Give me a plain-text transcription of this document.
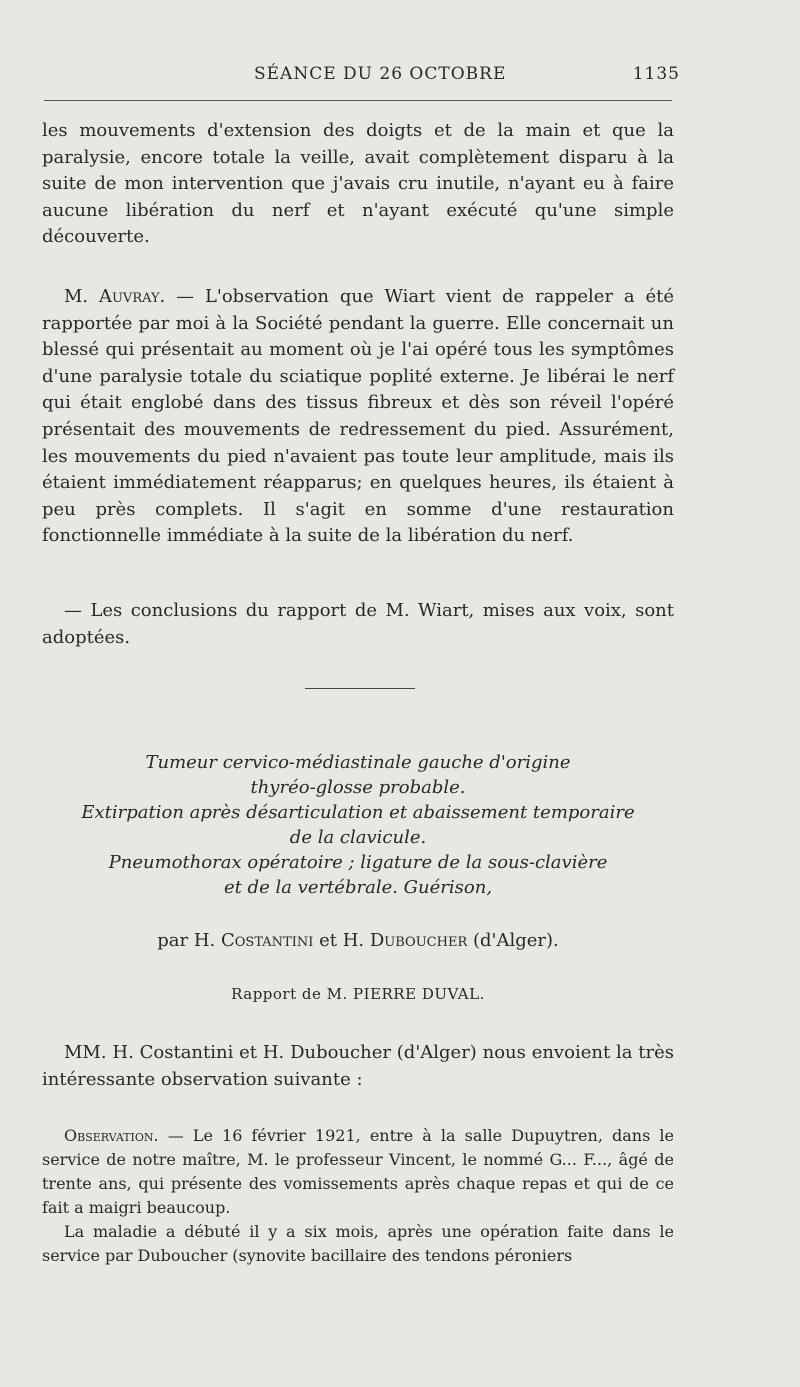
SÉANCE DU 26 OCTOBRE	1135

les mouvements d'extension des doigts et de la main et que la paralysie, encore totale la veille, avait complètement disparu à la suite de mon intervention que j'avais cru inutile, n'ayant eu à faire aucune libération du nerf et n'ayant exécuté qu'une simple découverte.

M. Auvray. — L'observation que Wiart vient de rappeler a été rapportée par moi à la Société pendant la guerre. Elle concernait un blessé qui présentait au moment où je l'ai opéré tous les symptômes d'une paralysie totale du sciatique poplité externe. Je libérai le nerf qui était englobé dans des tissus fibreux et dès son réveil l'opéré présentait des mouvements de redressement du pied. Assurément, les mouvements du pied n'avaient pas toute leur amplitude, mais ils étaient immédiatement réapparus; en quelques heures, ils étaient à peu près complets. Il s'agit en somme d'une restauration fonctionnelle immédiate à la suite de la libération du nerf.

— Les conclusions du rapport de M. Wiart, mises aux voix, sont adoptées.

Tumeur cervico-médiastinale gauche d'origine
thyréo-glosse probable.
Extirpation après désarticulation et abaissement temporaire
de la clavicule.
Pneumothorax opératoire ; ligature de la sous-clavière
et de la vertébrale. Guérison,
par H. Costantini et H. Duboucher (d'Alger).
Rapport de M. PIERRE DUVAL.

MM. H. Costantini et H. Duboucher (d'Alger) nous envoient la très intéressante observation suivante :

Observation. — Le 16 février 1921, entre à la salle Dupuytren, dans le service de notre maître, M. le professeur Vincent, le nommé G... F..., âgé de trente ans, qui présente des vomissements après chaque repas et qui de ce fait a maigri beaucoup.

La maladie a débuté il y a six mois, après une opération faite dans le service par Duboucher (synovite bacillaire des tendons péroniers
